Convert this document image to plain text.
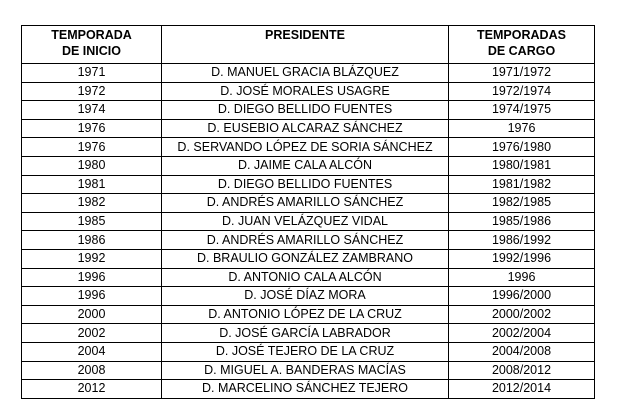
TEMPORADA
DE INICIO	PRESIDENTE	TEMPORADAS
DE CARGO

1971	D. MANUEL GRACIA BLÁZQUEZ	1971/1972
1972	D. JOSÉ MORALES USAGRE	1972/1974
1974	D. DIEGO BELLIDO FUENTES	1974/1975
1976	D. EUSEBIO ALCARAZ SÁNCHEZ	1976
1976	D. SERVANDO LÓPEZ DE SORIA SÁNCHEZ	1976/1980
1980	D. JAIME CALA ALCÓN	1980/1981
1981	D. DIEGO BELLIDO FUENTES	1981/1982
1982	D. ANDRÉS AMARILLO SÁNCHEZ	1982/1985
1985	D. JUAN VELÁZQUEZ VIDAL	1985/1986
1986	D. ANDRÉS AMARILLO SÁNCHEZ	1986/1992
1992	D. BRAULIO GONZÁLEZ ZAMBRANO	1992/1996
1996	D. ANTONIO CALA ALCÓN	1996
1996	D. JOSÉ DÍAZ MORA	1996/2000
2000	D. ANTONIO LÓPEZ DE LA CRUZ	2000/2002
2002	D. JOSÉ GARCÍA LABRADOR	2002/2004
2004	D. JOSÉ TEJERO DE LA CRUZ	2004/2008
2008	D. MIGUEL A. BANDERAS MACÍAS	2008/2012
2012	D. MARCELINO SÁNCHEZ TEJERO	2012/2014
